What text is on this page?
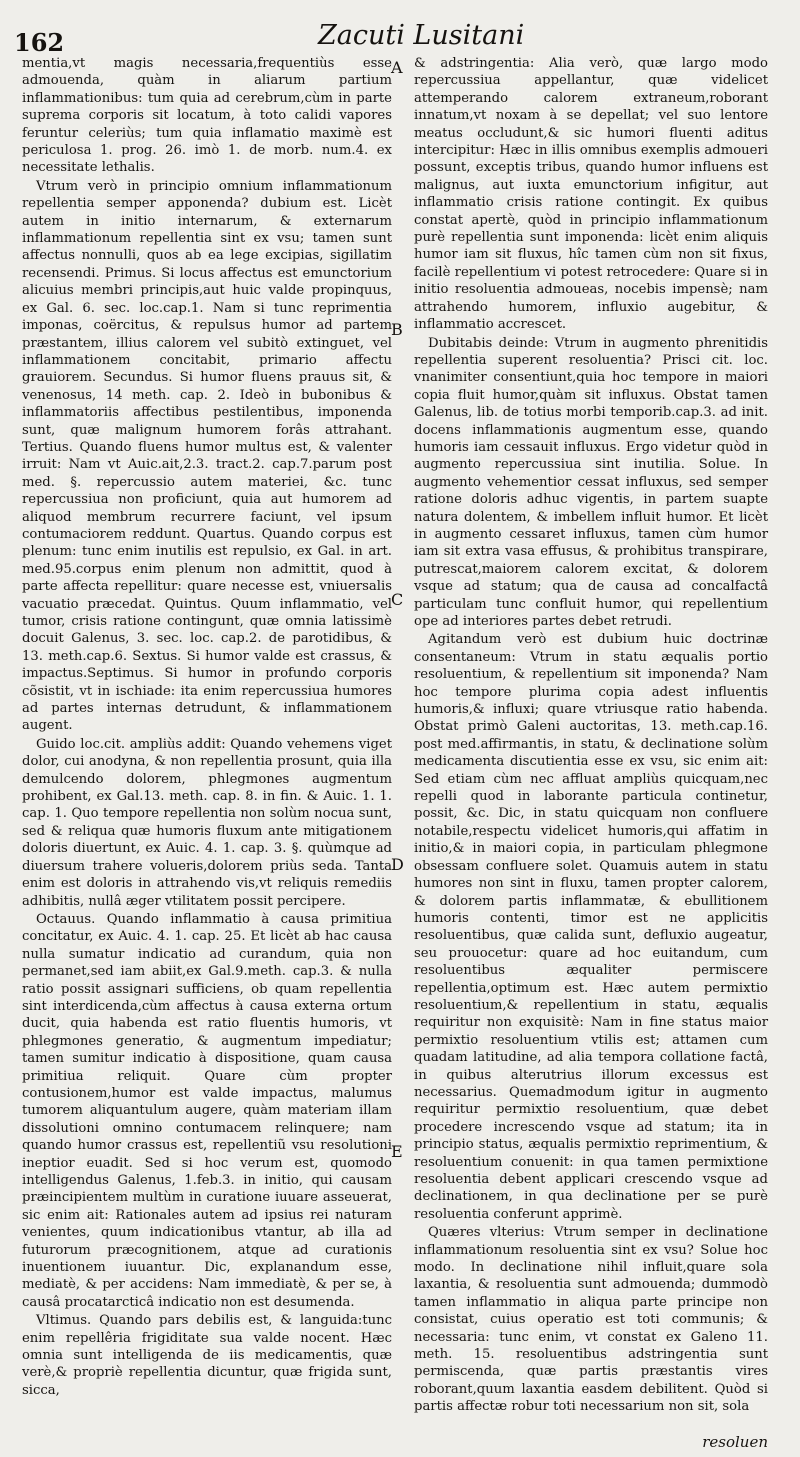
162	Zacuti Lusitani

mentia,vt magis necessaria,frequentiùs esse admouenda, quàm in aliarum partium inflammationibus: tum quia ad cerebrum,cùm in parte suprema corporis sit locatum, à toto calidi vapores feruntur celeriùs; tum quia inflamatio maximè est periculosa 1. prog. 26. imò 1. de morb. num.4. ex necessitate lethalis.

Vtrum verò in principio omnium inflammationum repellentia semper apponenda? dubium est. Licèt autem in initio internarum, & externarum inflammationum repellentia sint ex vsu; tamen sunt affectus nonnulli, quos ab ea lege excipias, sigillatim recensendi. Primus. Si locus affectus est emunctorium alicuius membri principis,aut huic valde propinquus, ex Gal. 6. sec. loc.cap.1. Nam si tunc reprimentia imponas, coërcitus, & repulsus humor ad partem præstantem, illius calorem vel subitò extinguet, vel inflammationem concitabit, primario affectu grauiorem. Secundus. Si humor fluens prauus sit, & venenosus, 14 meth. cap. 2. Ideò in bubonibus & inflammatoriis affectibus pestilentibus, imponenda sunt, quæ malignum humorem forâs attrahant. Tertius. Quando fluens humor multus est, & valenter irruit: Nam vt Auic.ait,2.3. tract.2. cap.7.parum post med. §. repercussio autem materiei, &c. tunc repercussiua non proficiunt, quia aut humorem ad aliquod membrum recurrere faciunt, vel ipsum contumaciorem reddunt. Quartus. Quando corpus est plenum: tunc enim inutilis est repulsio, ex Gal. in art. med.95.corpus enim plenum non admittit, quod à parte affecta repellitur: quare necesse est, vniuersalis vacuatio præcedat. Quintus. Quum inflammatio, vel tumor, crisis ratione contingunt, quæ omnia latissimè docuit Galenus, 3. sec. loc. cap.2. de parotidibus, & 13. meth.cap.6. Sextus. Si humor valde est crassus, & impactus.Septimus. Si humor in profundo corporis cõsistit, vt in ischiade: ita enim repercussiua humores ad partes internas detrudunt, & inflammationem augent.

Guido loc.cit. ampliùs addit: Quando vehemens viget dolor, cui anodyna, & non repellentia prosunt, quia illa demulcendo dolorem, phlegmones augmentum prohibent, ex Gal.13. meth. cap. 8. in fin. & Auic. 1. 1. cap. 1. Quo tempore repellentia non solùm nocua sunt, sed & reliqua quæ humoris fluxum ante mitigationem doloris diuertunt, ex Auic. 4. 1. cap. 3. §. quùmque ad diuersum trahere volueris,dolorem priùs seda. Tanta enim est doloris in attrahendo vis,vt reliquis remediis adhibitis, nullâ æger vtilitatem possit percipere.

Octauus. Quando inflammatio à causa primitiua concitatur, ex Auic. 4. 1. cap. 25. Et licèt ab hac causa nulla sumatur indicatio ad curandum, quia non permanet,sed iam abiit,ex Gal.9.meth. cap.3. & nulla ratio possit assignari sufficiens, ob quam repellentia sint interdicenda,cùm affectus à causa externa ortum ducit, quia habenda est ratio fluentis humoris, vt phlegmones generatio, & augmentum impediatur; tamen sumitur indicatio à dispositione, quam causa primitiua reliquit. Quare cùm propter contusionem,humor est valde impactus, malumus tumorem aliquantulum augere, quàm materiam illam dissolutioni omnino contumacem relinquere; nam quando humor crassus est, repellentiũ vsu resolutioni ineptior euadit. Sed si hoc verum est, quomodo intelligendus Galenus, 1.feb.3. in initio, qui causam præincipientem multùm in curatione iuuare asseuerat, sic enim ait: Rationales autem ad ipsius rei naturam venientes, quum indicationibus vtantur, ab illa ad futurorum præcognitionem, atque ad curationis inuentionem iuuantur. Dic, explanandum esse, mediatè, & per accidens: Nam immediatè, & per se, à causâ procatarcticâ indicatio non est desumenda.

Vltimus. Quando pars debilis est, & languida:tunc enim repellêria frigiditate sua valde nocent. Hæc omnia sunt intelligenda de iis medicamentis, quæ verè,& propriè repellentia dicuntur, quæ frigida sunt, sicca,

& adstringentia: Alia verò, quæ largo modo repercussiua appellantur, quæ videlicet attemperando calorem extraneum,roborant innatum,vt noxam à se depellat; vel suo lentore meatus occludunt,& sic humori fluenti aditus intercipitur: Hæc in illis omnibus exemplis admoueri possunt, exceptis tribus, quando humor influens est malignus, aut iuxta emunctorium infigitur, aut inflammatio crisis ratione contingit. Ex quibus constat apertè, quòd in principio inflammationum purè repellentia sunt imponenda: licèt enim aliquis humor iam sit fluxus, hîc tamen cùm non sit fixus, facilè repellentium vi potest retrocedere: Quare si in initio resoluentia admoueas, nocebis impensè; nam attrahendo humorem, influxio augebitur, & inflammatio accrescet.

Dubitabis deinde: Vtrum in augmento phrenitidis repellentia superent resoluentia? Prisci cit. loc. vnanimiter consentiunt,quia hoc tempore in maiori copia fluit humor,quàm sit influxus. Obstat tamen Galenus, lib. de totius morbi temporib.cap.3. ad init. docens inflammationis augmentum esse, quando humoris iam cessauit influxus. Ergo videtur quòd in augmento repercussiua sint inutilia. Solue. In augmento vehementior cessat influxus, sed semper ratione doloris adhuc vigentis, in partem suapte natura dolentem, & imbellem influit humor. Et licèt in augmento cessaret influxus, tamen cùm humor iam sit extra vasa effusus, & prohibitus transpirare, putrescat,maiorem calorem excitat, & dolorem vsque ad statum; qua de causa ad concalfactâ particulam tunc confluit humor, qui repellentium ope ad interiores partes debet retrudi.

Agitandum verò est dubium huic doctrinæ consentaneum: Vtrum in statu æqualis portio resoluentium, & repellentium sit imponenda? Nam hoc tempore plurima copia adest influentis humoris,& influxi; quare vtriusque ratio habenda. Obstat primò Galeni auctoritas, 13. meth.cap.16. post med.affirmantis, in statu, & declinatione solùm medicamenta discutientia esse ex vsu, sic enim ait: Sed etiam cùm nec affluat ampliùs quicquam,nec repelli quod in laborante particula continetur, possit, &c. Dic, in statu quicquam non confluere notabile,respectu videlicet humoris,qui affatim in initio,& in maiori copia, in particulam phlegmone obsessam confluere solet. Quamuis autem in statu humores non sint in fluxu, tamen propter calorem, & dolorem partis inflammatæ, & ebullitionem humoris contenti, timor est ne applicitis resoluentibus, quæ calida sunt, defluxio augeatur, seu prouocetur: quare ad hoc euitandum, cum resoluentibus æqualiter permiscere repellentia,optimum est. Hæc autem permixtio resoluentium,& repellentium in statu, æqualis requiritur non exquisitè: Nam in fine status maior permixtio resoluentium vtilis est; attamen cum quadam latitudine, ad alia tempora collatione factâ, in quibus alterutrius illorum excessus est necessarius. Quemadmodum igitur in augmento requiritur permixtio resoluentium, quæ debet procedere increscendo vsque ad statum; ita in principio status, æqualis permixtio reprimentium, & resoluentium conuenit: in qua tamen permixtione resoluentia debent applicari crescendo vsque ad declinationem, in qua declinatione per se purè resoluentia conferunt apprimè.

Quæres vlterius: Vtrum semper in declinatione inflammationum resoluentia sint ex vsu? Solue hoc modo. In declinatione nihil influit,quare sola laxantia, & resoluentia sunt admouenda; dummodò tamen inflammatio in aliqua parte principe non consistat, cuius operatio est toti communis; & necessaria: tunc enim, vt constat ex Galeno 11. meth. 15. resoluentibus adstringentia sunt permiscenda, quæ partis præstantis vires roborant,quum laxantia easdem debilitent. Quòd si partis affectæ robur toti necessarium non sit, sola

A
B
C
D
E
resoluen
